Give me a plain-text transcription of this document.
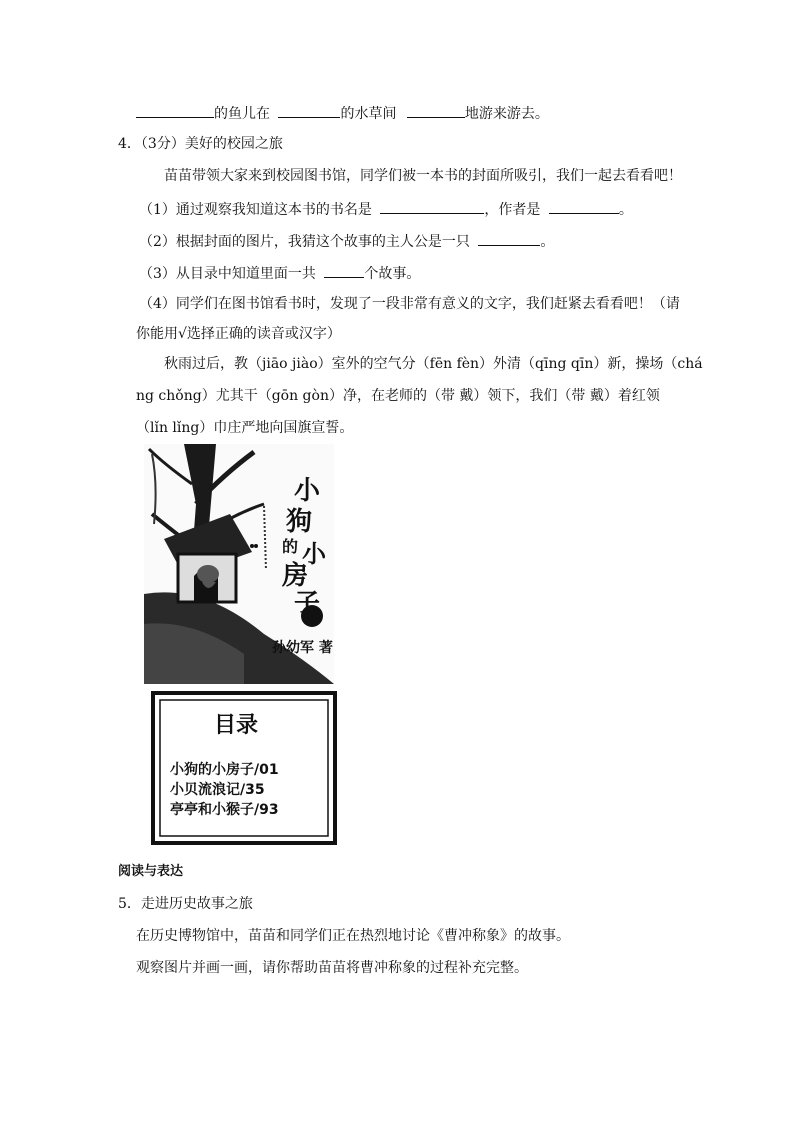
的鱼儿在	的水草间	地游来游去。
4．（3分）美好的校园之旅
苗苗带领大家来到校园图书馆，同学们被一本书的封面所吸引，我们一起去看看吧！
（1）通过观察我知道这本书的书名是	，作者是	。
（2）根据封面的图片，我猜这个故事的主人公是一只	。
（3）从目录中知道里面一共	个故事。
（4）同学们在图书馆看书时，发现了一段非常有意义的文字，我们赶紧去看看吧！（请
你能用√选择正确的读音或汉字）
秋雨过后，教（jiāo jiào）室外的空气分（fēn fèn）外清（qīng qīn）新，操场（chá
ng chǒng）尤其干（gōn gòn）净，在老师的（带 戴）领下，我们（带 戴）着红领
（lǐn lǐng）巾庄严地向国旗宣誓。
小
狗
的 小
房
子
孙幼军 著
目录
小狗的小房子/01
小贝流浪记/35
亭亭和小猴子/93
阅读与表达
5．走进历史故事之旅
在历史博物馆中，苗苗和同学们正在热烈地讨论《曹冲称象》的故事。
观察图片并画一画，请你帮助苗苗将曹冲称象的过程补充完整。
